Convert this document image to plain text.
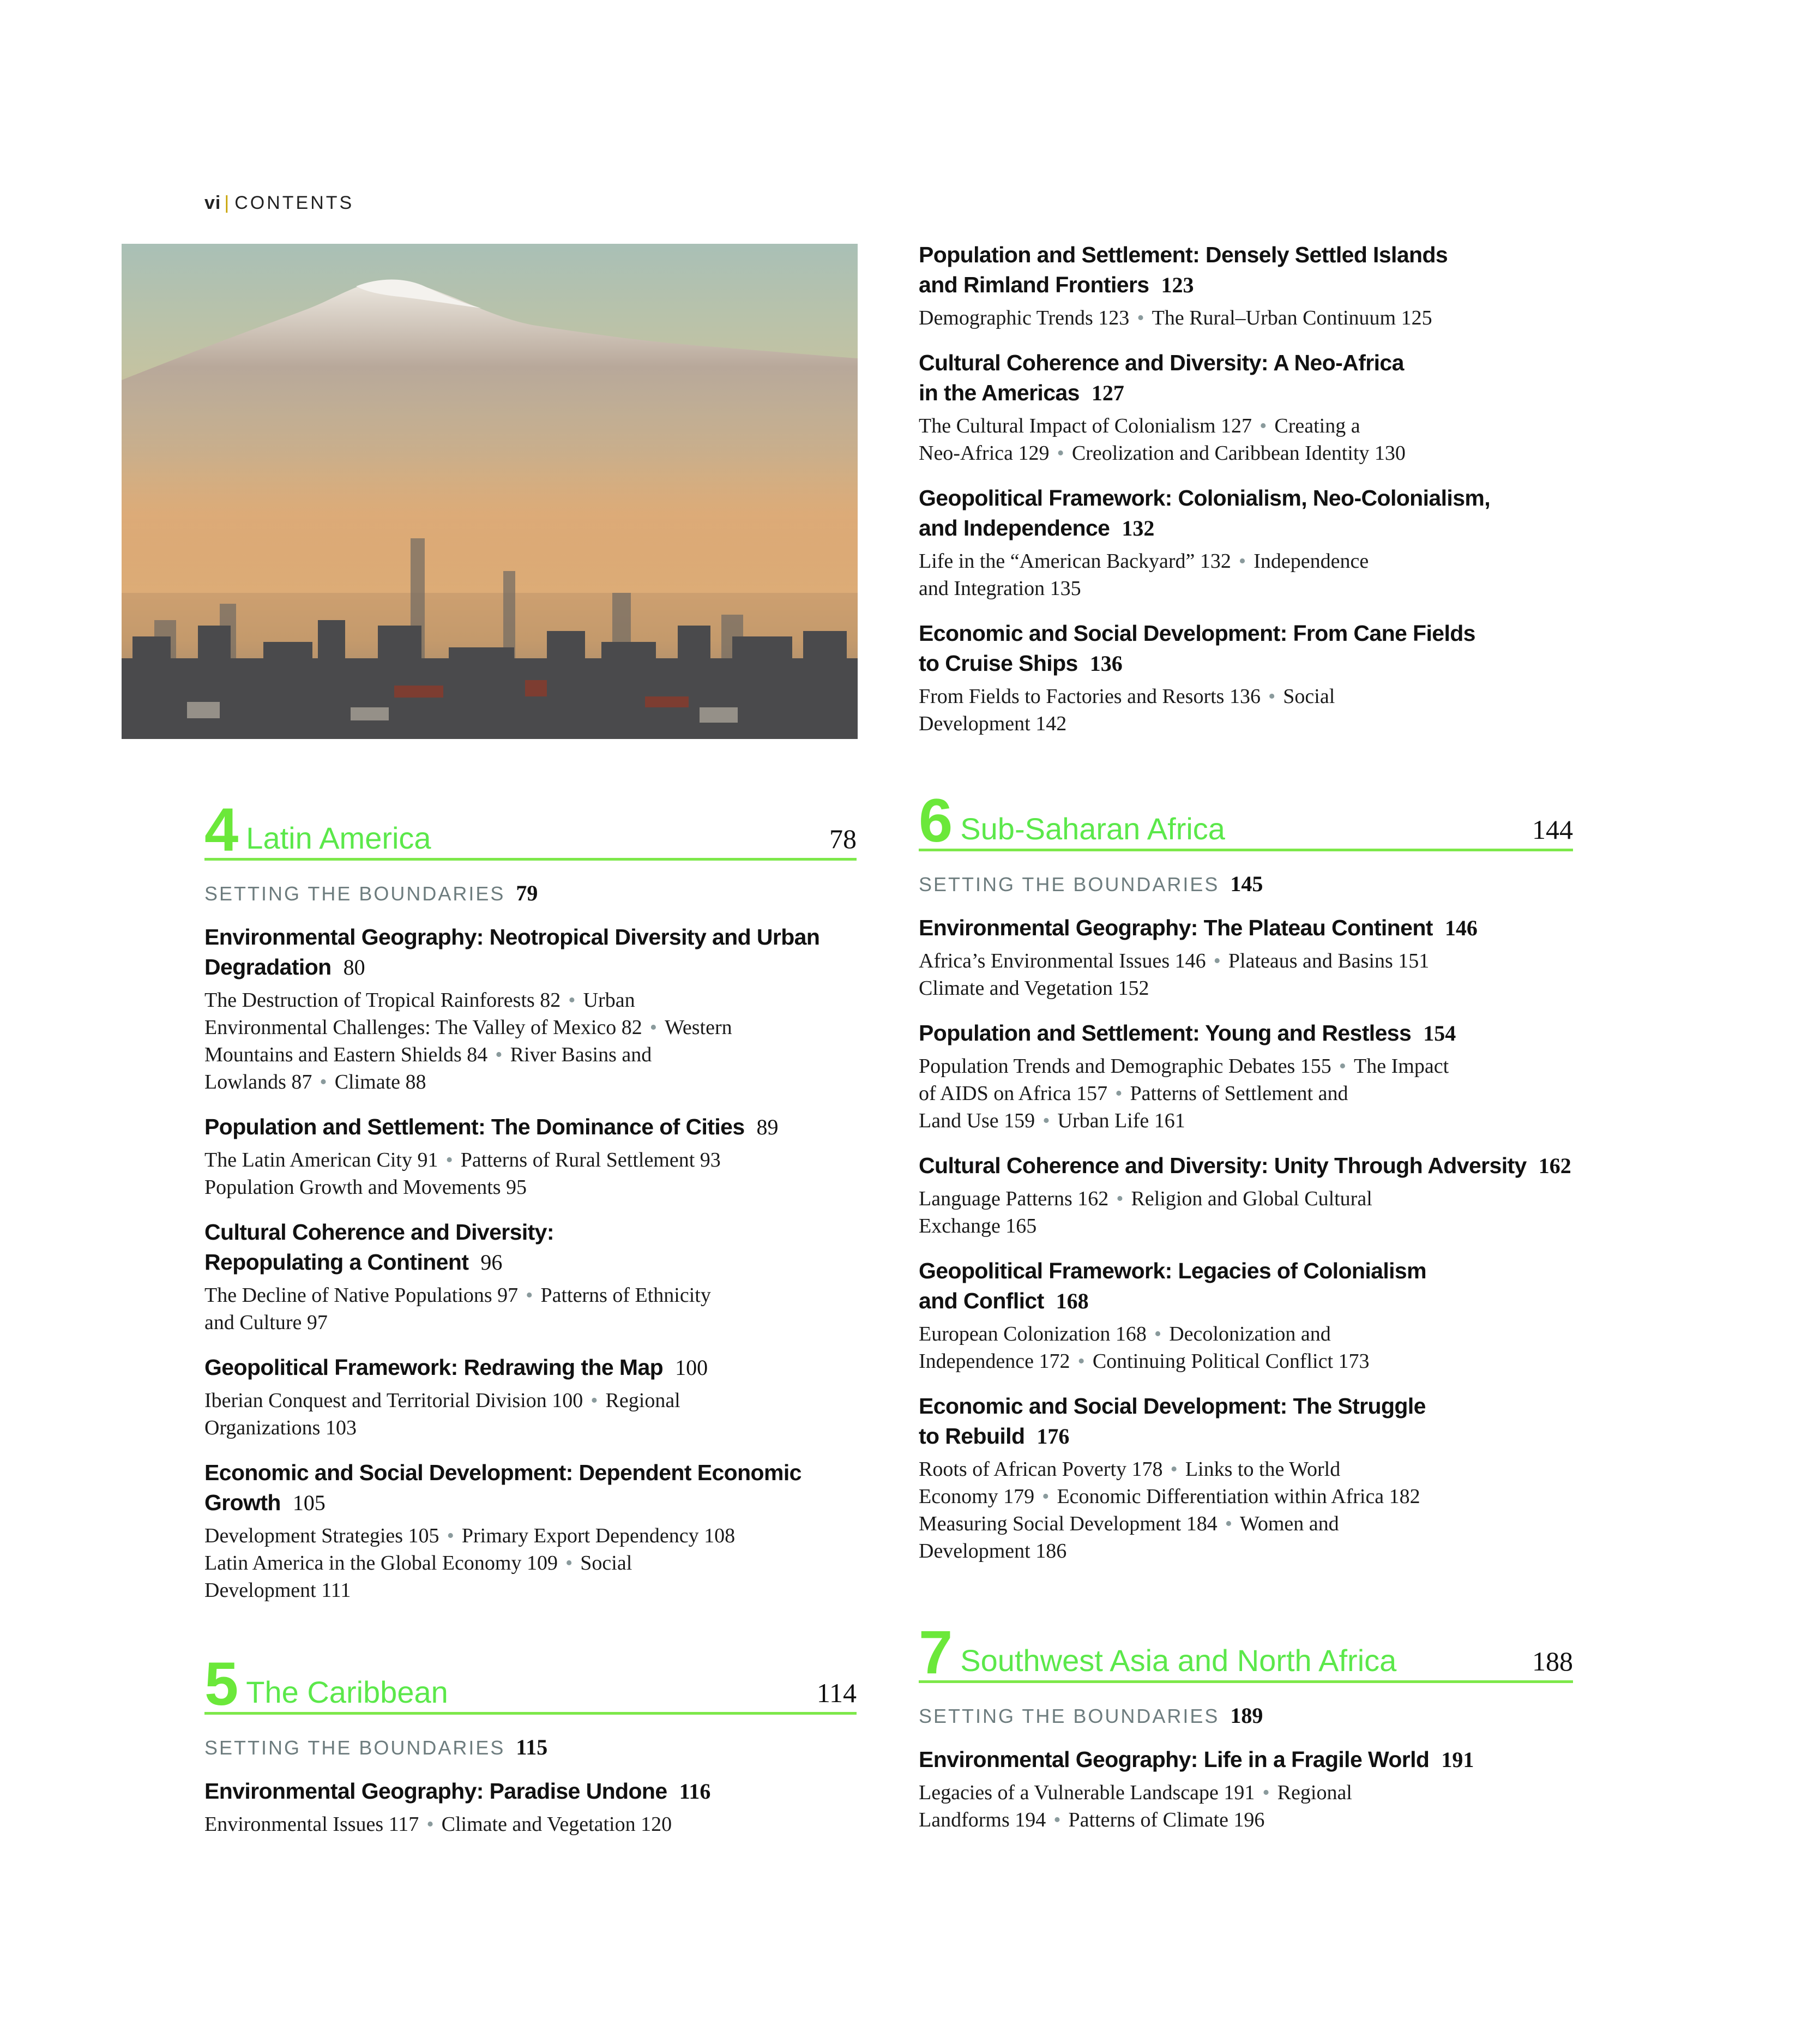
vi | CONTENTS
Population and Settlement: Densely Settled Islands
and Rimland Frontiers 123
Demographic Trends 123 • The Rural–Urban Continuum 125
Cultural Coherence and Diversity: A Neo-Africa
in the Americas 127
The Cultural Impact of Colonialism 127 • Creating a
Neo-Africa 129 • Creolization and Caribbean Identity 130
Geopolitical Framework: Colonialism, Neo-Colonialism,
and Independence 132
Life in the “American Backyard” 132 • Independence
and Integration 135
Economic and Social Development: From Cane Fields
to Cruise Ships 136
From Fields to Factories and Resorts 136 • Social
Development 142
4 Latin America	78
SETTING THE BOUNDARIES 79
Environmental Geography: Neotropical Diversity and Urban
Degradation 80
The Destruction of Tropical Rainforests 82 • Urban
Environmental Challenges: The Valley of Mexico 82 • Western
Mountains and Eastern Shields 84 • River Basins and
Lowlands 87 • Climate 88
Population and Settlement: The Dominance of Cities 89
The Latin American City 91 • Patterns of Rural Settlement 93
Population Growth and Movements 95
Cultural Coherence and Diversity:
Repopulating a Continent 96
The Decline of Native Populations 97 • Patterns of Ethnicity
and Culture 97
Geopolitical Framework: Redrawing the Map 100
Iberian Conquest and Territorial Division 100 • Regional
Organizations 103
Economic and Social Development: Dependent Economic
Growth 105
Development Strategies 105 • Primary Export Dependency 108
Latin America in the Global Economy 109 • Social
Development 111
5 The Caribbean	114
SETTING THE BOUNDARIES 115
Environmental Geography: Paradise Undone 116
Environmental Issues 117 • Climate and Vegetation 120
6 Sub-Saharan Africa	144
SETTING THE BOUNDARIES 145
Environmental Geography: The Plateau Continent 146
Africa’s Environmental Issues 146 • Plateaus and Basins 151
Climate and Vegetation 152
Population and Settlement: Young and Restless 154
Population Trends and Demographic Debates 155 • The Impact
of AIDS on Africa 157 • Patterns of Settlement and
Land Use 159 • Urban Life 161
Cultural Coherence and Diversity: Unity Through Adversity 162
Language Patterns 162 • Religion and Global Cultural
Exchange 165
Geopolitical Framework: Legacies of Colonialism
and Conflict 168
European Colonization 168 • Decolonization and
Independence 172 • Continuing Political Conflict 173
Economic and Social Development: The Struggle
to Rebuild 176
Roots of African Poverty 178 • Links to the World
Economy 179 • Economic Differentiation within Africa 182
Measuring Social Development 184 • Women and
Development 186
7 Southwest Asia and North Africa	188
SETTING THE BOUNDARIES 189
Environmental Geography: Life in a Fragile World 191
Legacies of a Vulnerable Landscape 191 • Regional
Landforms 194 • Patterns of Climate 196
